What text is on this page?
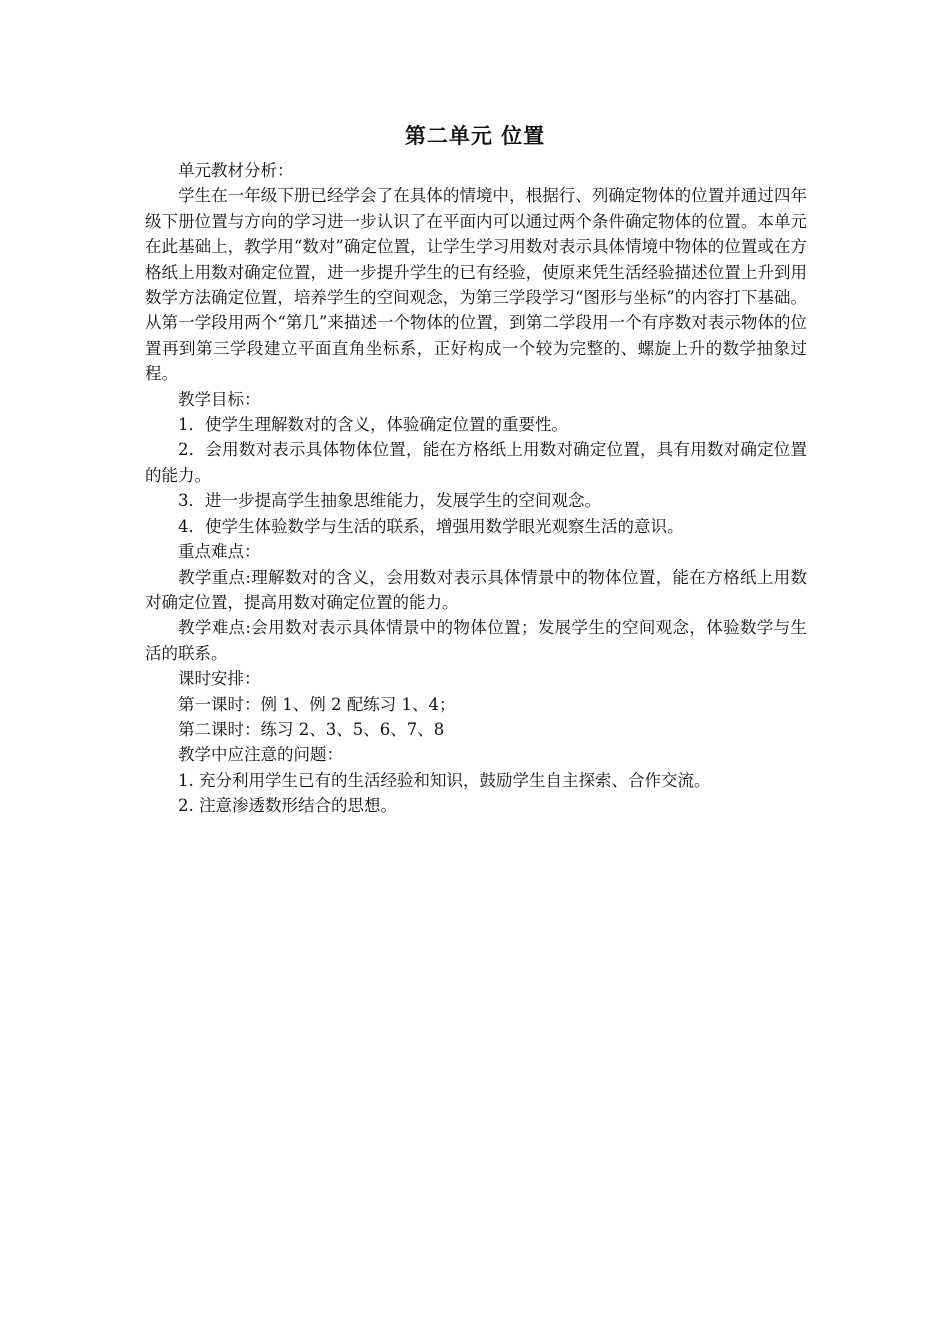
第二单元 位置

单元教材分析：

学生在一年级下册已经学会了在具体的情境中，根据行、列确定物体的位置并通过四年级下册位置与方向的学习进一步认识了在平面内可以通过两个条件确定物体的位置。本单元在此基础上，教学用“数对”确定位置，让学生学习用数对表示具体情境中物体的位置或在方格纸上用数对确定位置，进一步提升学生的已有经验，使原来凭生活经验描述位置上升到用数学方法确定位置，培养学生的空间观念，为第三学段学习“图形与坐标”的内容打下基础。从第一学段用两个“第几”来描述一个物体的位置，到第二学段用一个有序数对表示物体的位置再到第三学段建立平面直角坐标系，正好构成一个较为完整的、螺旋上升的数学抽象过程。

教学目标：

1．使学生理解数对的含义，体验确定位置的重要性。

2．会用数对表示具体物体位置，能在方格纸上用数对确定位置，具有用数对确定位置的能力。

3．进一步提高学生抽象思维能力，发展学生的空间观念。

4．使学生体验数学与生活的联系，增强用数学眼光观察生活的意识。

重点难点：

教学重点:理解数对的含义，会用数对表示具体情景中的物体位置，能在方格纸上用数对确定位置，提高用数对确定位置的能力。

教学难点:会用数对表示具体情景中的物体位置；发展学生的空间观念，体验数学与生活的联系。

课时安排：

第一课时：例 1、例 2 配练习 1、4；

第二课时：练习 2、3、5、6、7、8

教学中应注意的问题：

1. 充分利用学生已有的生活经验和知识，鼓励学生自主探索、合作交流。

2. 注意渗透数形结合的思想。
